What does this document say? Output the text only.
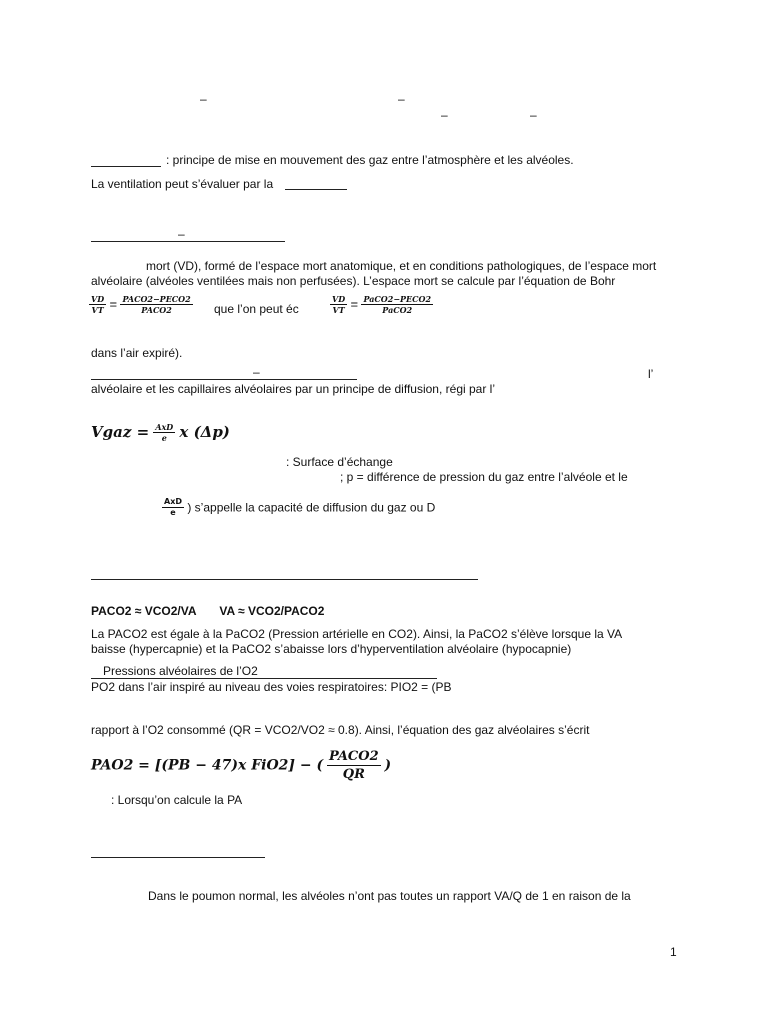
–	–
–	–
: principe de mise en mouvement des gaz entre l’atmosphère et les alvéoles.
La ventilation peut s’évaluer par la
–
mort (VD), formé de l’espace mort anatomique, et en conditions pathologiques, de l’espace mort
alvéolaire (alvéoles ventilées mais non perfusées). L’espace mort se calcule par l’équation de Bohr
$\frac{VD}{VT} = \frac{\text{PACO2−PECO2}}{\text{PACO2}}$ que l’on peut éc	$\frac{VD}{VT} = \frac{\text{PaCO2−PECO2}}{\text{PaCO2}}$
dans l’air expiré).
–	l’
alvéolaire et les capillaires alvéolaires par un principe de diffusion, régi par l’
Vgaz = $\frac{\text{AxD}}{e}$ x (Δp)
: Surface d’échange
; p = différence de pression du gaz entre l’alvéole et le
$\frac{\text{AxD}}{e}$ ) s’appelle la capacité de diffusion du gaz ou D
PACO2 ≈ VCO2/VA       VA ≈ VCO2/PACO2
La PACO2 est égale à la PaCO2 (Pression artérielle en CO2). Ainsi, la PaCO2 s’élève lorsque la VA
baisse (hypercapnie) et la PaCO2 s’abaisse lors d’hyperventilation alvéolaire (hypocapnie)
Pressions alvéolaires de l’O2
PO2 dans l’air inspiré au niveau des voies respiratoires: PIO2 = (PB
rapport à l’O2 consommé (QR = VCO2/VO2 ≈ 0.8). Ainsi, l’équation des gaz alvéolaires s’écrit
PAO2 = [(PB − 47)x FiO2] − ( $\frac{\text{PACO2}}{QR}$ )
: Lorsqu’on calcule la PA
Dans le poumon normal, les alvéoles n’ont pas toutes un rapport VA/Q de 1 en raison de la
1
